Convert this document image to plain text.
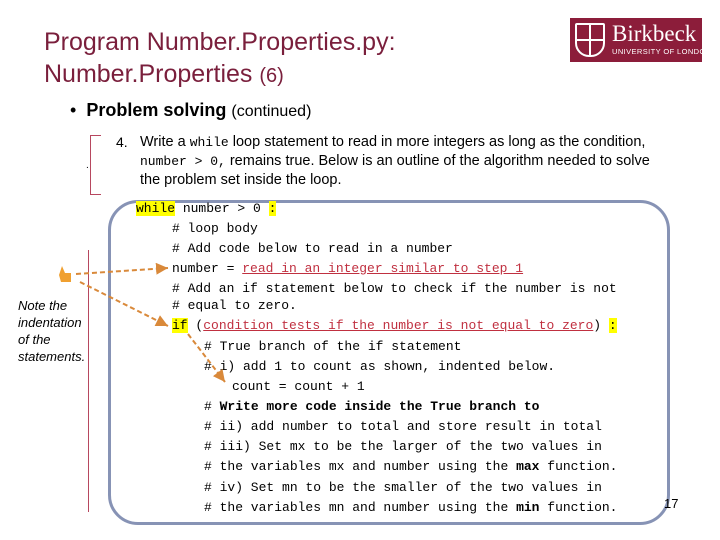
Program Number.Properties.py:
Number.Properties (6)
Birkbeck
UNIVERSITY OF LONDON
•  Problem solving (continued)
.
4. Write a while loop statement to read in more integers as long as the condition, number > 0, remains true. Below is an outline of the algorithm needed to solve the problem set inside the loop.
while number > 0 :
# loop body
# Add code below to read in a number
number = read in an integer similar to step 1
# Add an if statement below to check if the number is not
# equal to zero.
if (condition tests if the number is not equal to zero) :
# True branch of the if statement
# i) add 1 to count as shown, indented below.
count = count + 1
# Write more code inside the True branch to
# ii) add number to total and store result in total
# iii) Set mx to be the larger of the two values in
# the variables mx and number using the max function.
# iv) Set mn to be the smaller of the two values in
# the variables mn and number using the min function.
Note the
indentation
of the
statements.
17
